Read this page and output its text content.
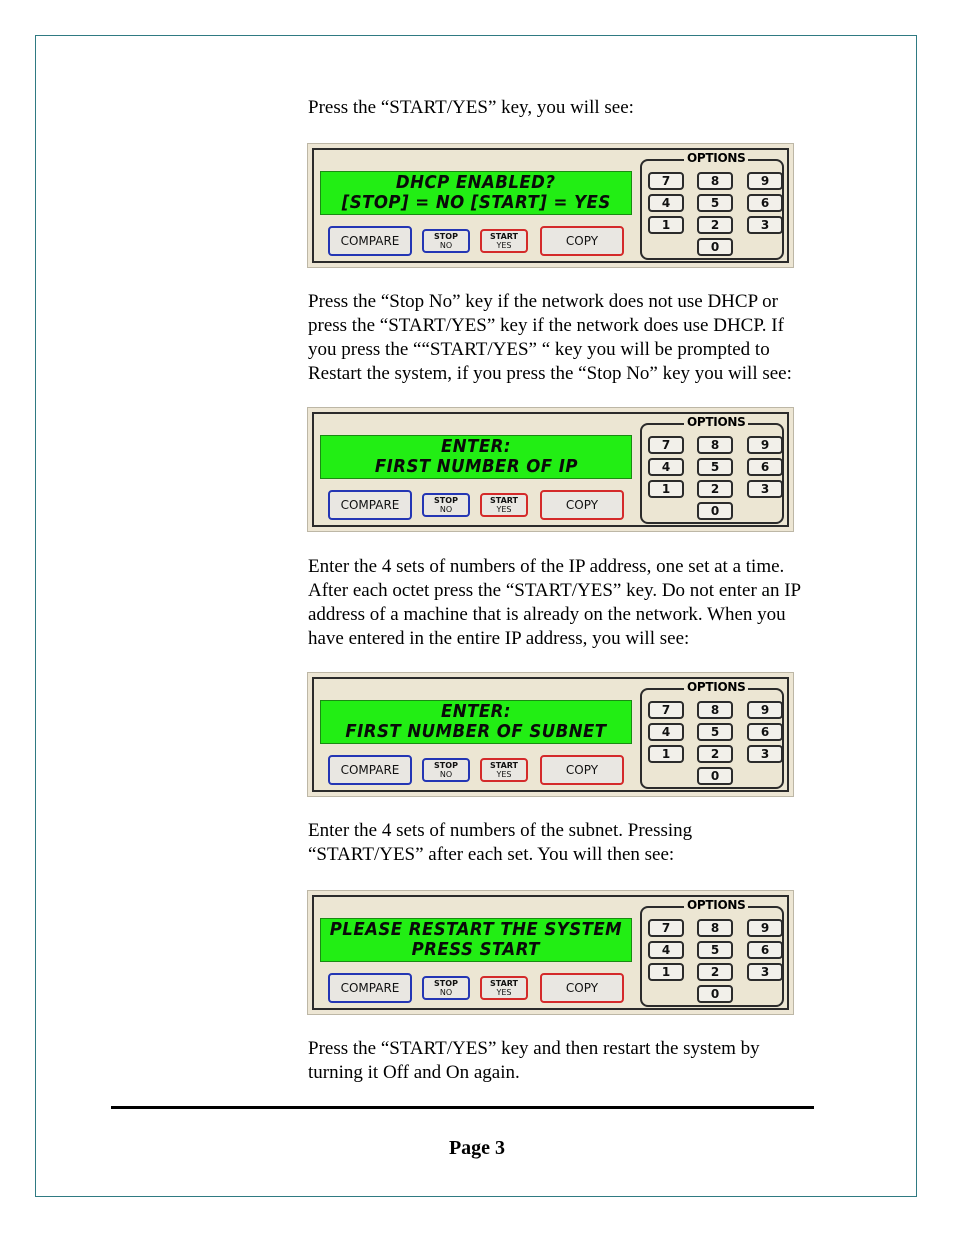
Press the “START/YES” key, you will see:

DHCP ENABLED?
[STOP] = NO [START] = YES
COMPARE	STOP
NO
START
YES	COPY
OPTIONS
7	8	9
4	5	6
1	2	3
0

Press the “Stop No” key if the network does not use DHCP or
press the “START/YES” key if the network does use DHCP. If
you press the ““START/YES” “ key you will be prompted to
Restart the system, if you press the “Stop No” key you will see:

ENTER:
FIRST NUMBER OF IP
COMPARE	STOP
NO
START
YES	COPY
OPTIONS
7	8	9
4	5	6
1	2	3
0

Enter the 4 sets of numbers of the IP address, one set at a time.
After each octet press the “START/YES” key. Do not enter an IP
address of a machine that is already on the network. When you
have entered in the entire IP address, you will see:

ENTER:
FIRST NUMBER OF SUBNET
COMPARE	STOP
NO
START
YES	COPY
OPTIONS
7	8	9
4	5	6
1	2	3
0

Enter the 4 sets of numbers of the subnet. Pressing
“START/YES” after each set. You will then see:

PLEASE RESTART THE SYSTEM
PRESS START
COMPARE	STOP
NO
START
YES	COPY
OPTIONS
7	8	9
4	5	6
1	2	3
0

Press the “START/YES” key and then restart the system by
turning it Off and On again.

Page 3
